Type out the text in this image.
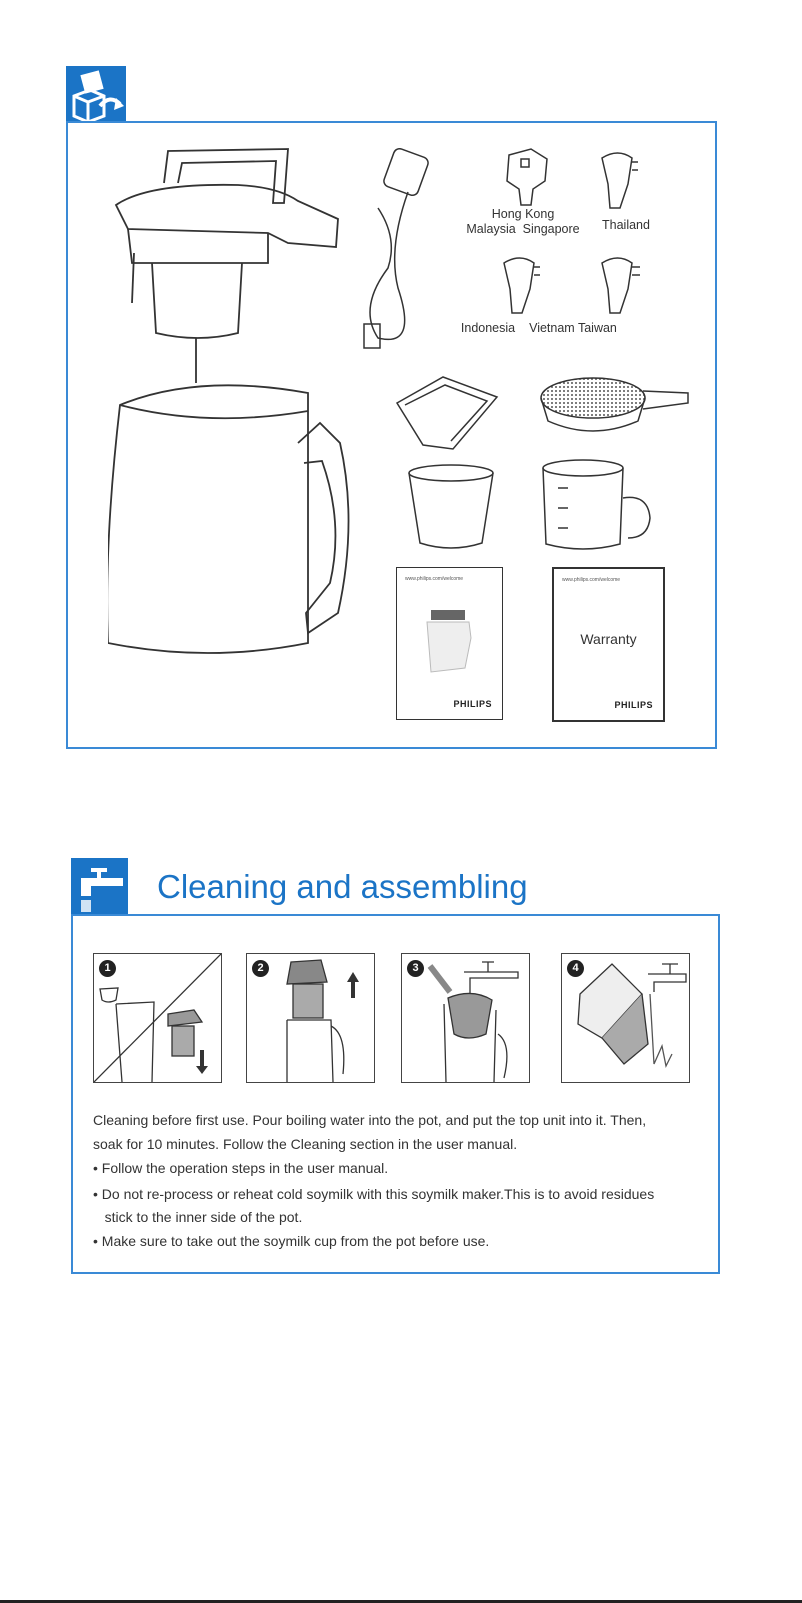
Hong Kong
Malaysia  Singapore	Thailand
Indonesia	Vietnam Taiwan
www.philips.com/welcome
PHILIPS
www.philips.com/welcome
Warranty
PHILIPS
Cleaning and assembling
1	2	3	4
Cleaning before first use. Pour boiling water into the pot, and put the top unit into it. Then,
soak for 10 minutes. Follow the Cleaning section in the user manual.
• Follow the operation steps in the user manual.
• Do not re-process or reheat cold soymilk with this soymilk maker.This is to avoid residues
stick to the inner side of the pot.
• Make sure to take out the soymilk cup from the pot before use.
